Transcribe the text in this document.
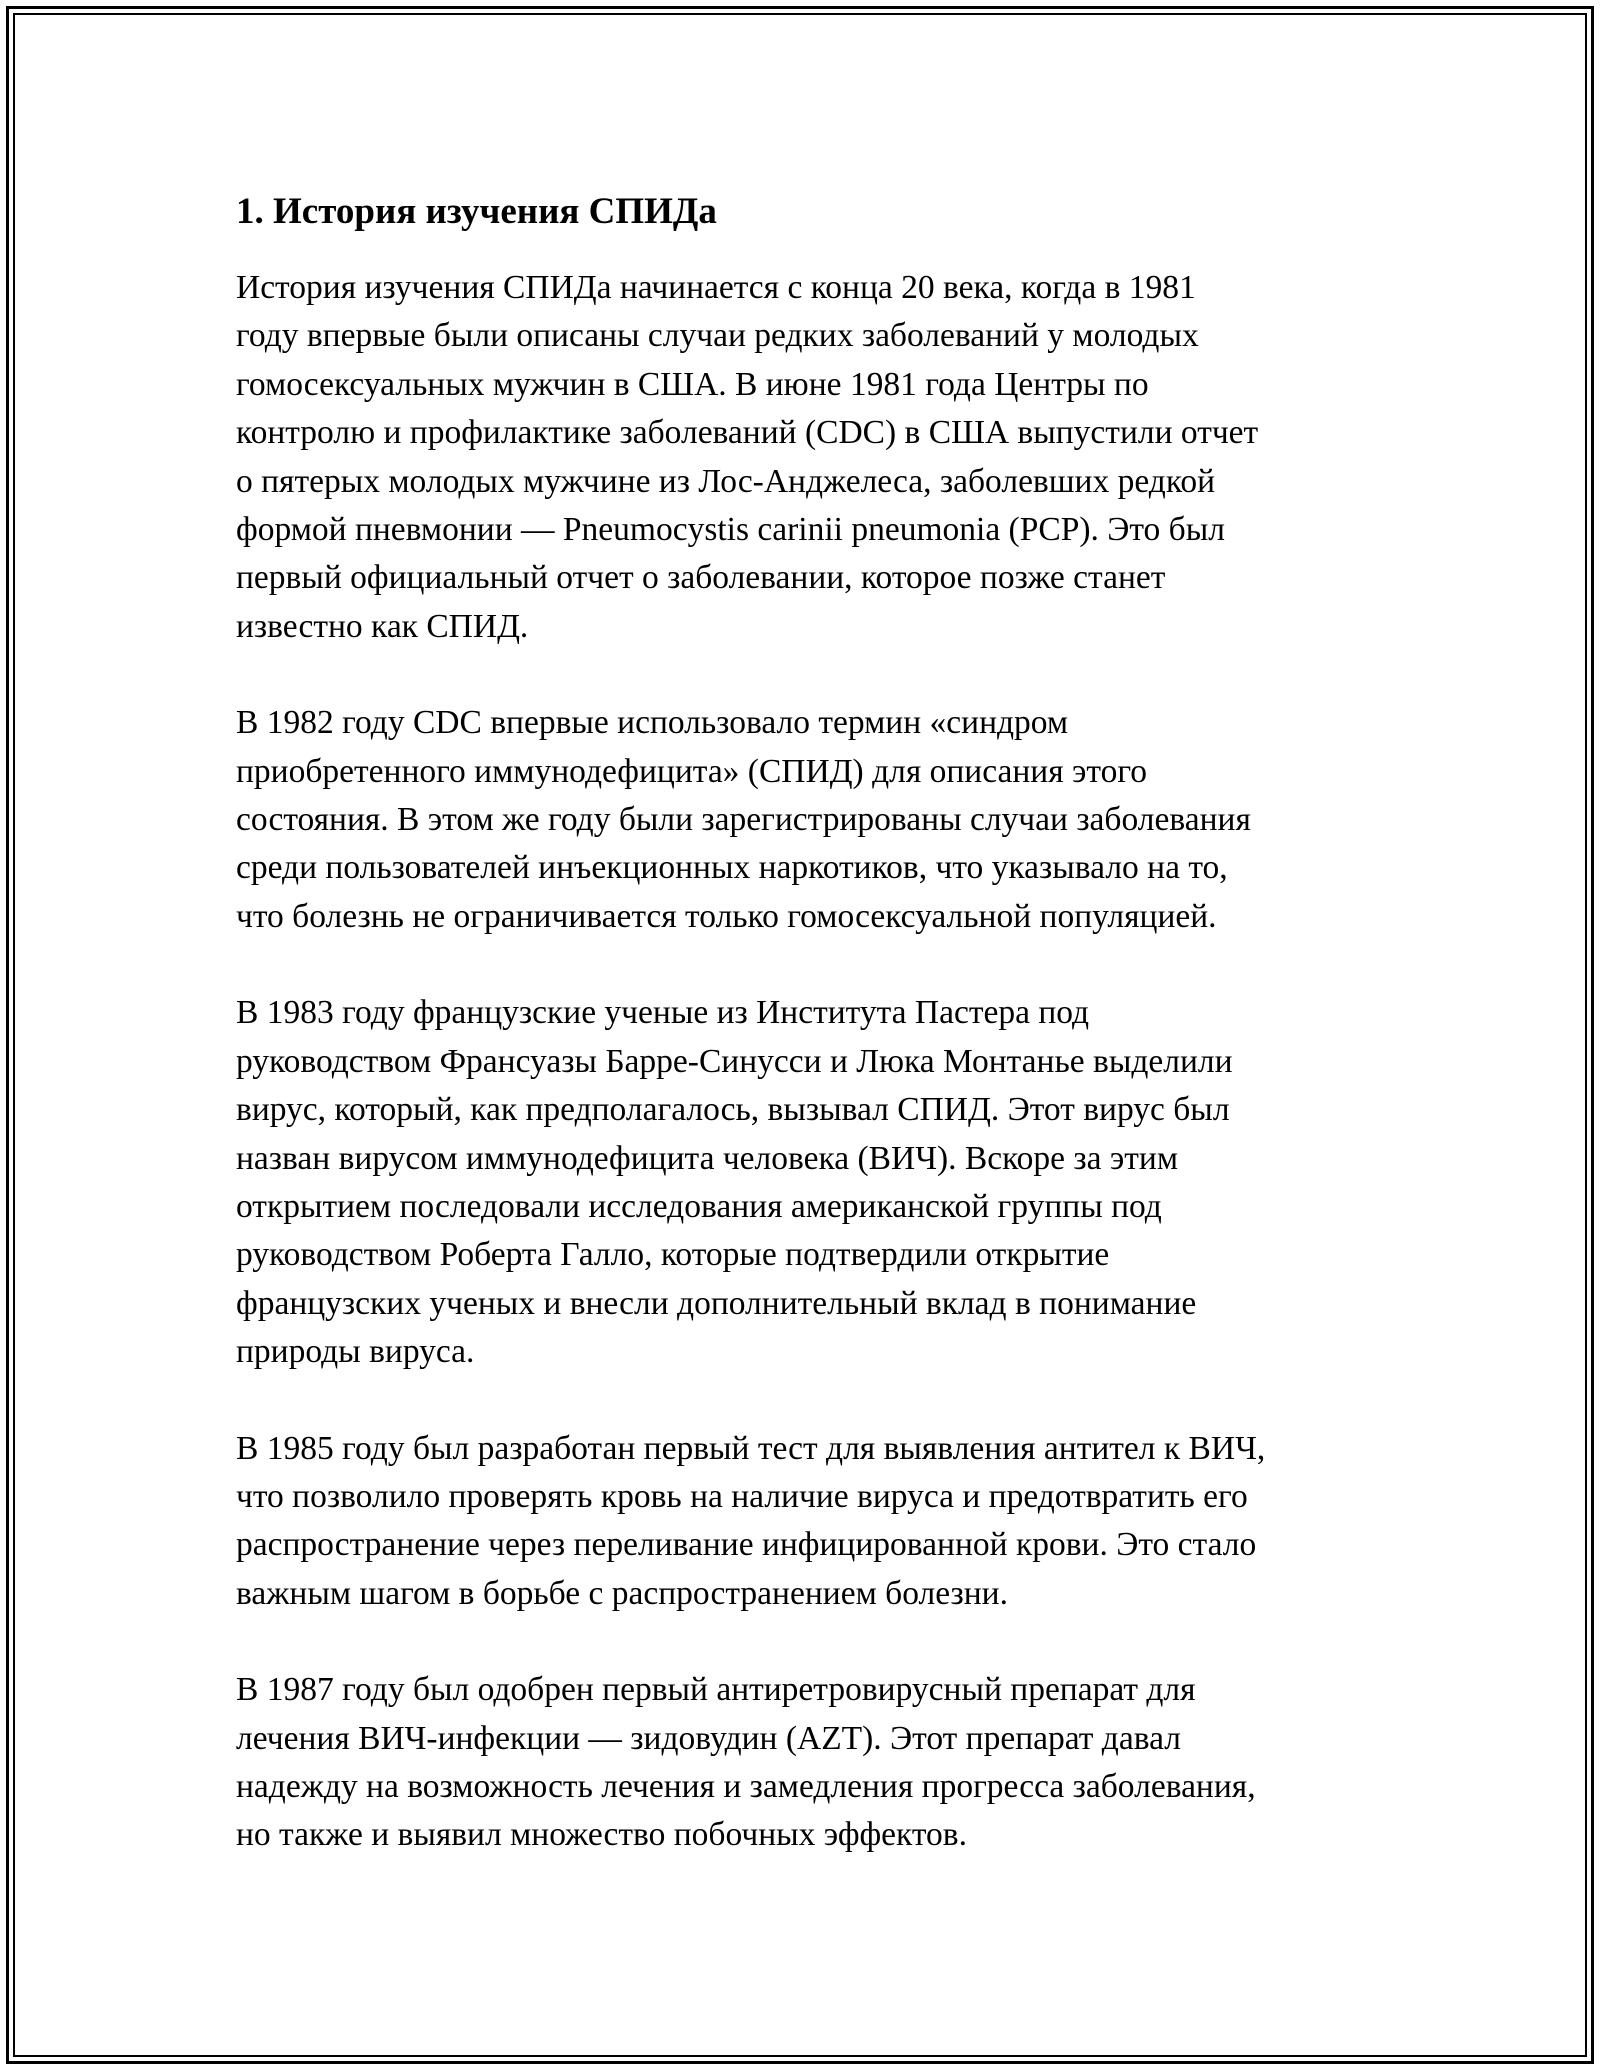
1. История изучения СПИДа

История изучения СПИДа начинается с конца 20 века, когда в 1981
году впервые были описаны случаи редких заболеваний у молодых
гомосексуальных мужчин в США. В июне 1981 года Центры по
контролю и профилактике заболеваний (CDC) в США выпустили отчет
о пятерых молодых мужчине из Лос-Анджелеса, заболевших редкой
формой пневмонии — Pneumocystis carinii pneumonia (PCP). Это был
первый официальный отчет о заболевании, которое позже станет
известно как СПИД.

В 1982 году CDC впервые использовало термин «синдром
приобретенного иммунодефицита» (СПИД) для описания этого
состояния. В этом же году были зарегистрированы случаи заболевания
среди пользователей инъекционных наркотиков, что указывало на то,
что болезнь не ограничивается только гомосексуальной популяцией.

В 1983 году французские ученые из Института Пастера под
руководством Франсуазы Барре-Синусси и Люка Монтанье выделили
вирус, который, как предполагалось, вызывал СПИД. Этот вирус был
назван вирусом иммунодефицита человека (ВИЧ). Вскоре за этим
открытием последовали исследования американской группы под
руководством Роберта Галло, которые подтвердили открытие
французских ученых и внесли дополнительный вклад в понимание
природы вируса.

В 1985 году был разработан первый тест для выявления антител к ВИЧ,
что позволило проверять кровь на наличие вируса и предотвратить его
распространение через переливание инфицированной крови. Это стало
важным шагом в борьбе с распространением болезни.

В 1987 году был одобрен первый антиретровирусный препарат для
лечения ВИЧ-инфекции — зидовудин (AZT). Этот препарат давал
надежду на возможность лечения и замедления прогресса заболевания,
но также и выявил множество побочных эффектов.
